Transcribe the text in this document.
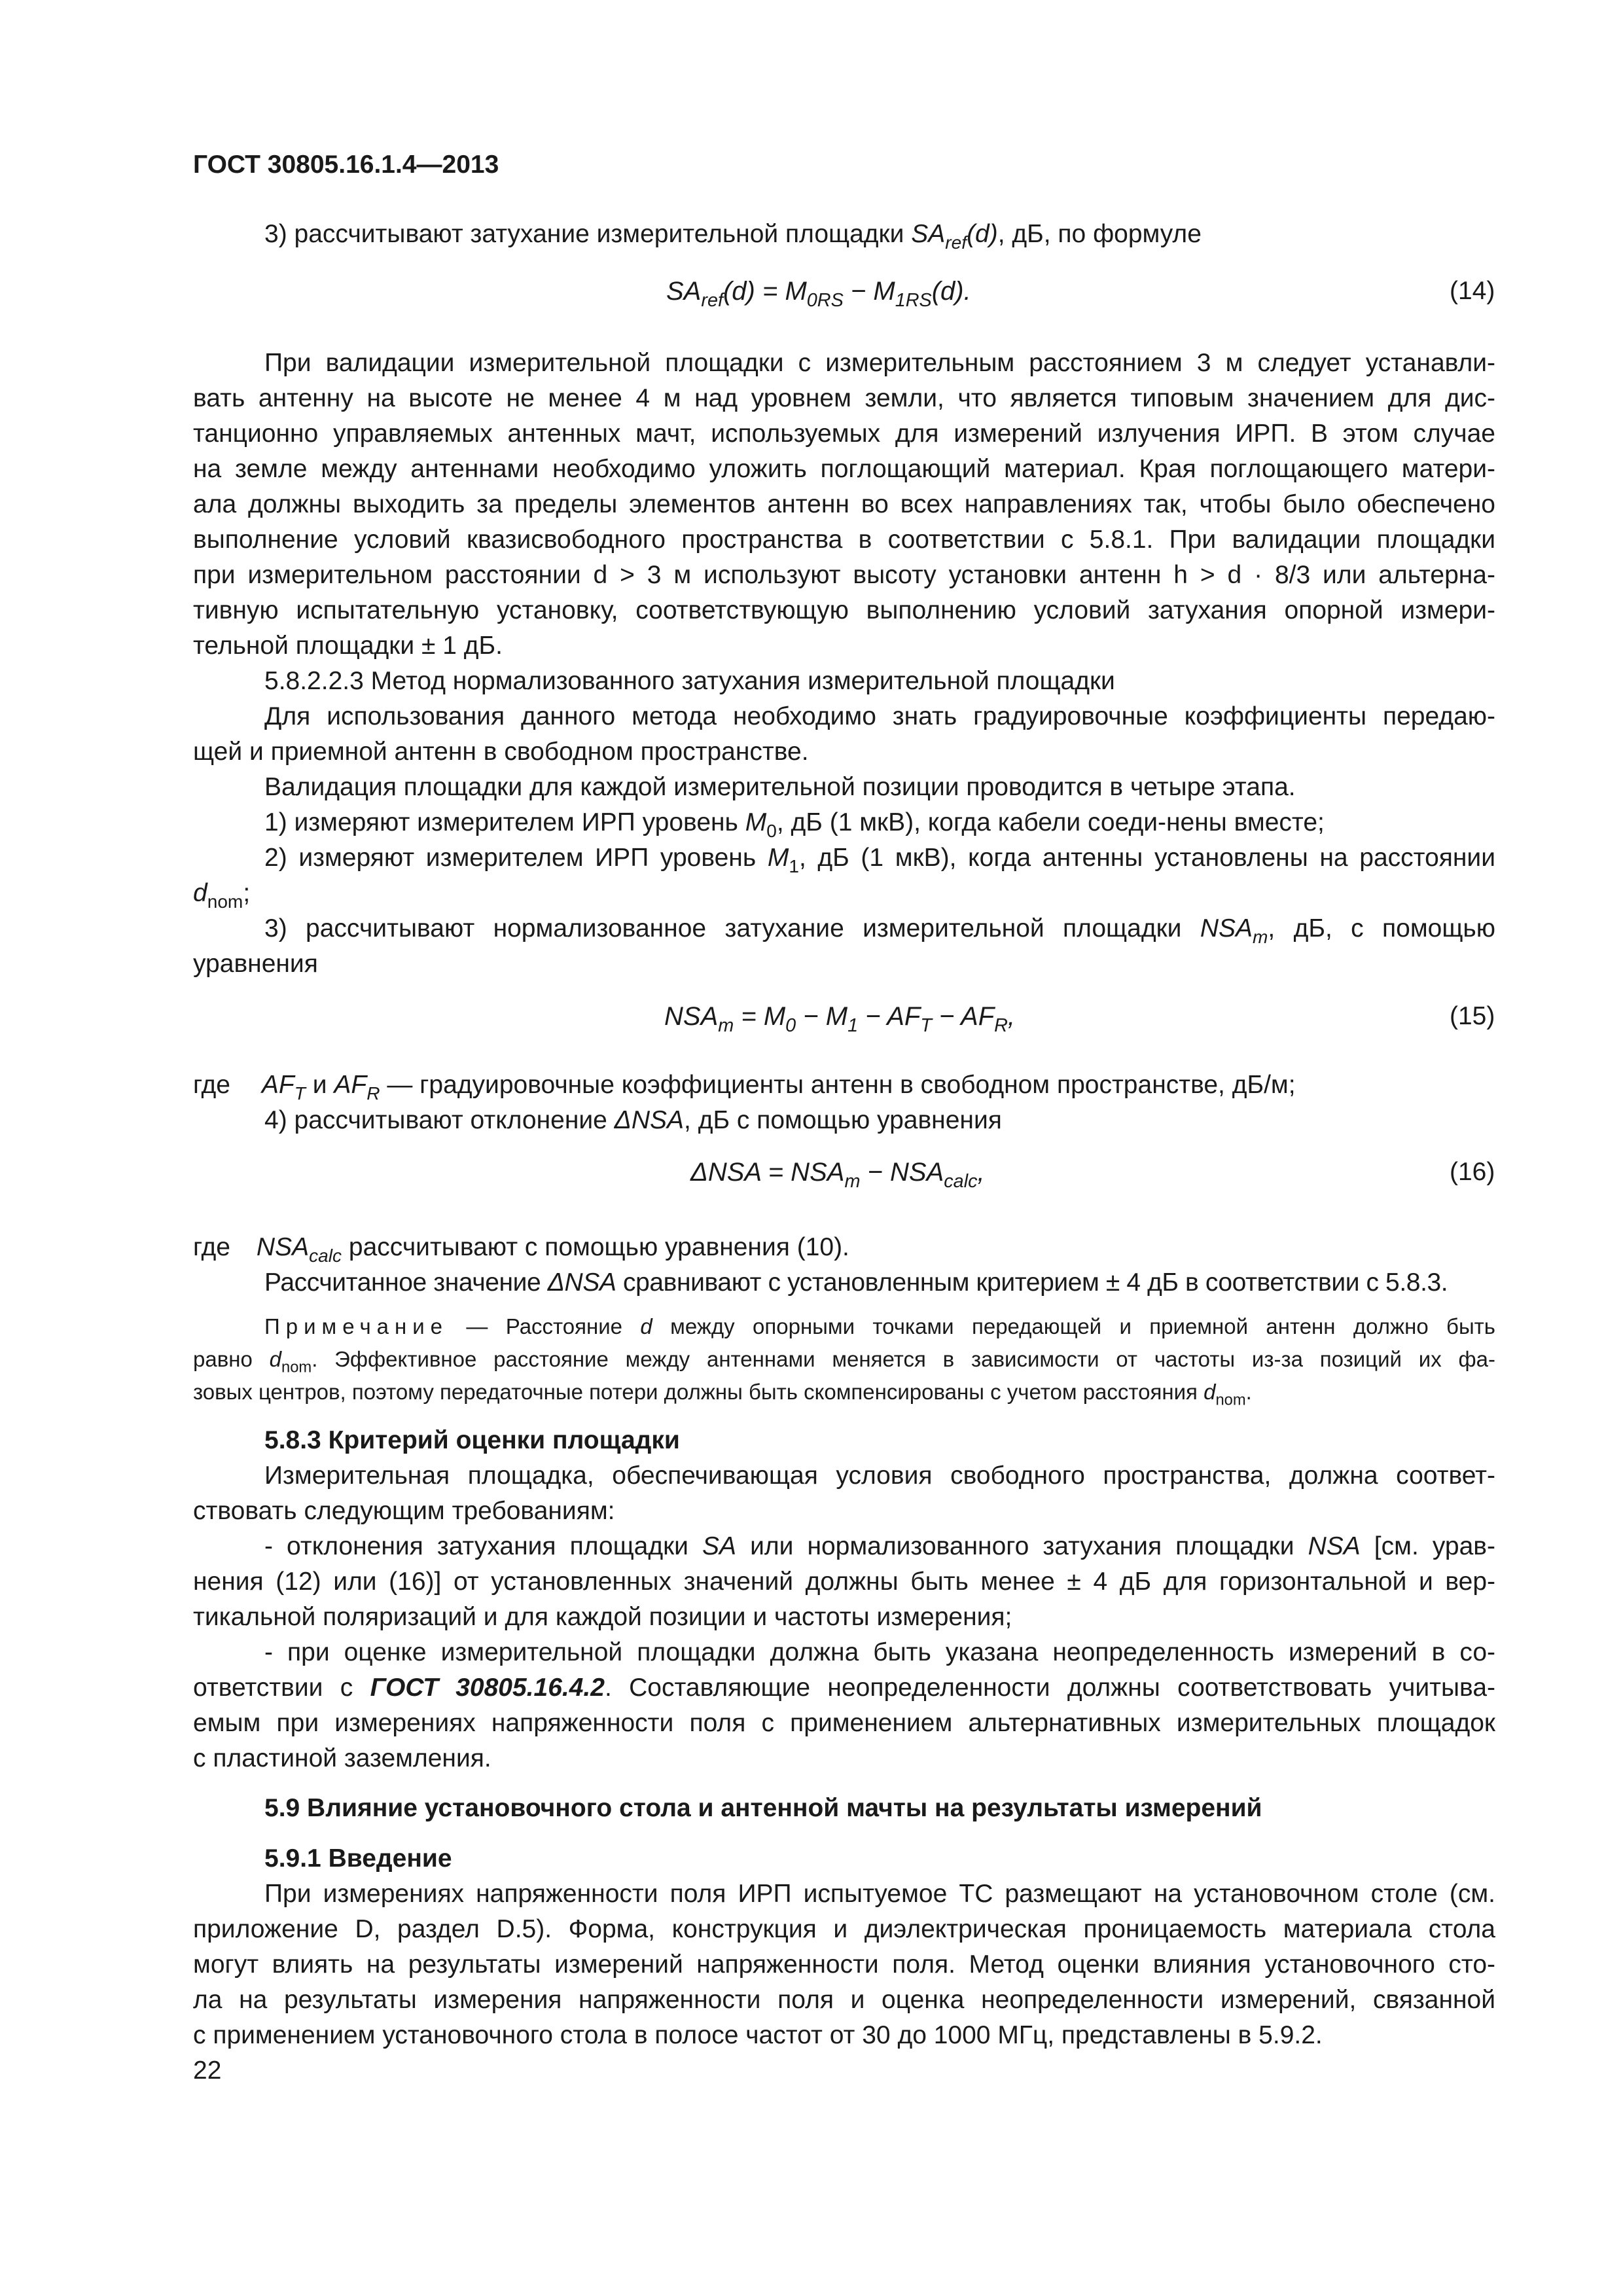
ГОСТ 30805.16.1.4—2013
3) рассчитывают затухание измерительной площадки $SA_{ref}(d)$, дБ, по формуле
$SA_{ref}(d) = M_{0RS} - M_{1RS}(d)$.	(14)
При валидации измерительной площадки с измерительным расстоянием 3 м следует устанавли-
вать антенну на высоте не менее 4 м над уровнем земли, что является типовым значением для дис-
танционно управляемых антенных мачт, используемых для измерений излучения ИРП. В этом случае
на земле между антеннами необходимо уложить поглощающий материал. Края поглощающего матери-
ала должны выходить за пределы элементов антенн во всех направлениях так, чтобы было обеспечено
выполнение условий квазисвободного пространства в соответствии с 5.8.1. При валидации площадки
при измерительном расстоянии d > 3 м используют высоту установки антенн h > d · 8/3 или альтерна-
тивную испытательную установку, соответствующую выполнению условий затухания опорной измери-
тельной площадки ± 1 дБ.
5.8.2.2.3 Метод нормализованного затухания измерительной площадки
Для использования данного метода необходимо знать градуировочные коэффициенты передаю-
щей и приемной антенн в свободном пространстве.
Валидация площадки для каждой измерительной позиции проводится в четыре этапа.
1) измеряют измерителем ИРП уровень $M_0$, дБ (1 мкВ), когда кабели соеди-нены вместе;
2) измеряют измерителем ИРП уровень $M_1$, дБ (1 мкВ), когда антенны установлены на расстоянии
$d_{nom}$;
3) рассчитывают нормализованное затухание измерительной площадки $NSA_m$, дБ, с помощью
уравнения
$NSA_m = M_0 - M_1 - AF_T - AF_R$,	(15)
где $AF_T$ и $AF_R$ — градуировочные коэффициенты антенн в свободном пространстве, дБ/м;
4) рассчитывают отклонение ΔNSA, дБ с помощью уравнения
$\Delta NSA = NSA_m - NSA_{calc}$,	(16)
где $NSA_{calc}$ рассчитывают с помощью уравнения (10).
Рассчитанное значение ΔNSA сравнивают с установленным критерием ± 4 дБ в соответствии с 5.8.3.
Примечание — Расстояние d между опорными точками передающей и приемной антенн должно быть
равно $d_{nom}$. Эффективное расстояние между антеннами меняется в зависимости от частоты из-за позиций их фа-
зовых центров, поэтому передаточные потери должны быть скомпенсированы с учетом расстояния $d_{nom}$.
5.8.3 Критерий оценки площадки
Измерительная площадка, обеспечивающая условия свободного пространства, должна соответ-
ствовать следующим требованиям:
- отклонения затухания площадки SA или нормализованного затухания площадки NSA [см. урав-
нения (12) или (16)] от установленных значений должны быть менее ± 4 дБ для горизонтальной и вер-
тикальной поляризаций и для каждой позиции и частоты измерения;
- при оценке измерительной площадки должна быть указана неопределенность измерений в со-
ответствии с ГОСТ 30805.16.4.2. Составляющие неопределенности должны соответствовать учитыва-
емым при измерениях напряженности поля с применением альтернативных измерительных площадок
с пластиной заземления.
5.9 Влияние установочного стола и антенной мачты на результаты измерений
5.9.1 Введение
При измерениях напряженности поля ИРП испытуемое ТС размещают на установочном столе (см.
приложение D, раздел D.5). Форма, конструкция и диэлектрическая проницаемость материала стола
могут влиять на результаты измерений напряженности поля. Метод оценки влияния установочного сто-
ла на результаты измерения напряженности поля и оценка неопределенности измерений, связанной
с применением установочного стола в полосе частот от 30 до 1000 МГц, представлены в 5.9.2.
22
